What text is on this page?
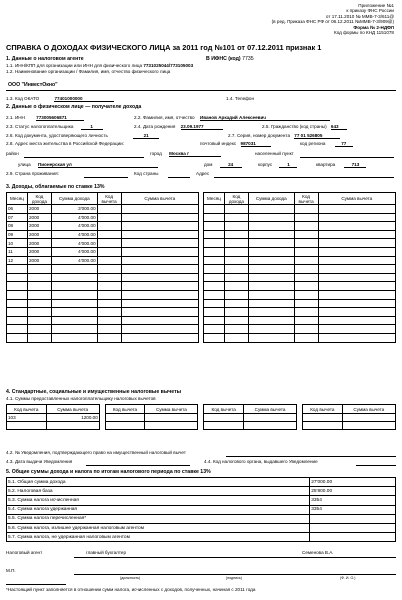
Приложение №1
к приказу ФНС России
от 17.11.2010 № ММВ-7-3/611@
(в ред. Приказа ФНС РФ от 06.12.2011 №ММВ-7-3/909@)
Форма № 2-НДФЛ
Код формы по КНД 1151078
СПРАВКА О ДОХОДАХ ФИЗИЧЕСКОГО ЛИЦА за 2011 год №101 от 07.12.2011 признак 1
1. Данные о налоговом агенте	В ИФНС (код) 7735
1.1. ИНН/КПП для организации или ИНН для физического лица 7731025044/773105003
1.2. Наименование организации / Фамилия, имя, отчество физического лица
ООО "ИнвестОкно"
1.3. Код ОКАТО	77401000000	1.4. Телефон
2. Данные о физическом лице — получателе дохода
2.1. ИНН 773005606871	2.2. Фамилия, имя, отчество Иванов Аркадий Алексеевич
2.3. Статус налогоплательщика	1	2.4. Дата рождения 23.09.1977	2.5. Гражданство (код страны) 643
2.6. Код документа, удостоверяющего личность	21	2.7. Серия, номер документа 77 01 526805
2.8. Адрес места жительства в Российской Федерации:	почтовый индекс 987031	код региона	77
район	город Москва г	населенный пункт
улица Пионерская ул	дом	24	корпус	1	квартира	713
2.9. Страна проживания:	Код страны	Адрес
3. Доходы, облагаемые по ставке 13%
Месяц	Код дохода	Сумма дохода	Код вычета	Сумма вычета
06	2000	3'000.00		
07	2000	4'000.00		
08	2000	4'000.00		
09	2000	4'000.00		
10	2000	4'000.00		
11	2000	4'000.00		
12	2000	4'000.00		

Месяц	Код дохода	Сумма дохода	Код вычета	Сумма вычета

4. Стандартные, социальные и имущественные налоговые вычеты
4.1. Суммы предоставленных налогоплательщику налоговых вычетов
Код вычета	Сумма вычета		Код вычета	Сумма вычета		Код вычета	Сумма вычета		Код вычета	Сумма вычета
103	1200.00									

4.2. № Уведомления, подтверждающего право на имущественный налоговый вычет
4.3. Дата выдачи Уведомления	4.4. Код налогового органа, выдавшего Уведомление
5. Общие суммы дохода и налога по итогам налогового периода по ставке 13%
5.1. Общая сумма дохода	27'000.00
5.2. Налоговая база	25'800.00
5.3. Сумма налога исчисленная	3354
5.4. Сумма налога удержанная	3354
5.5. Сумма налога перечисленная*	
5.6. Сумма налога, излишне удержанная налоговым агентом	
5.7. Сумма налога, не удержанная налоговым агентом	
Налоговый агент	главный бухгалтер	Семенова В.А.
М.П.
(должность)	(подпись)	(Ф. И. О.)
*Настоящий пункт заполняется в отношении сумм налога, исчисленных с доходов, полученных, начиная с 2011 года
